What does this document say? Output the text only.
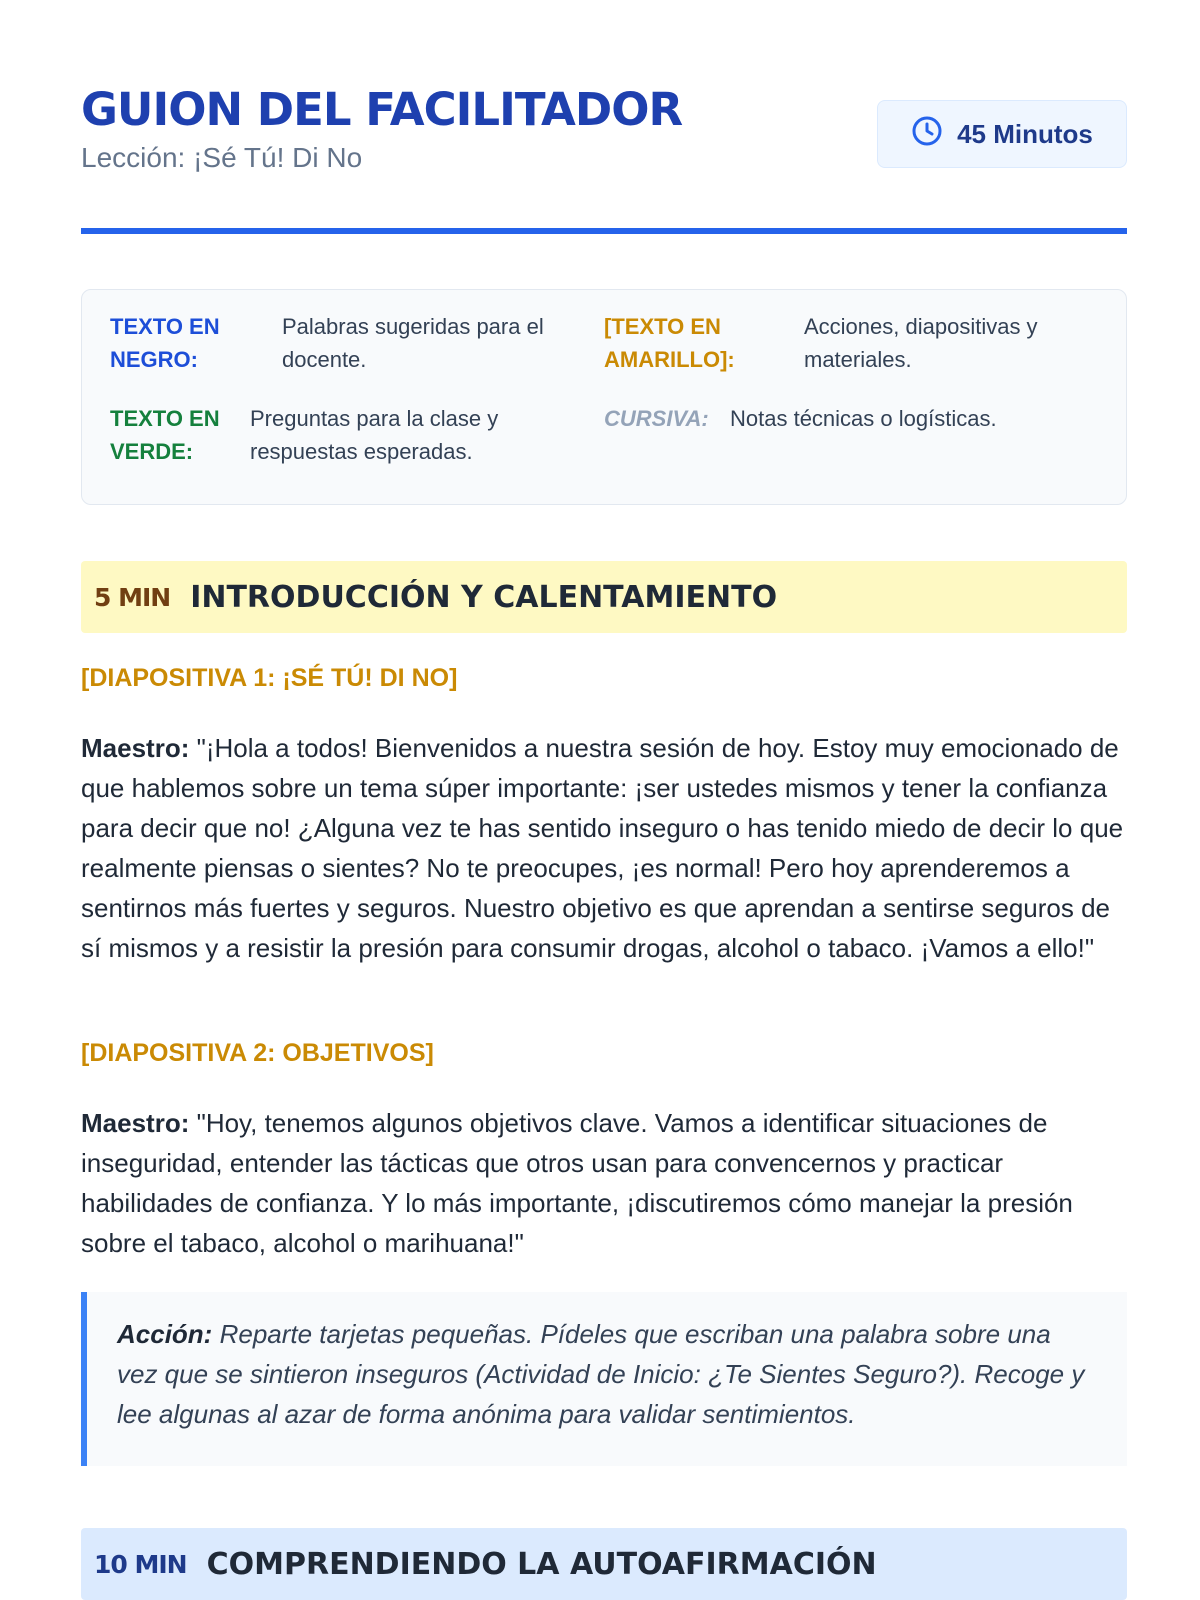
GUION DEL FACILITADOR
Lección: ¡Sé Tú! Di No
45 Minutos
TEXTO EN NEGRO:
Palabras sugeridas para el docente.
[TEXTO EN AMARILLO]:
Acciones, diapositivas y materiales.
TEXTO EN VERDE:
Preguntas para la clase y respuestas esperadas.
CURSIVA: Notas técnicas o logísticas.
5 MIN INTRODUCCIÓN Y CALENTAMIENTO
[DIAPOSITIVA 1: ¡SÉ TÚ! DI NO]

Maestro: "¡Hola a todos! Bienvenidos a nuestra sesión de hoy. Estoy muy emocionado de que hablemos sobre un tema súper importante: ¡ser ustedes mismos y tener la confianza para decir que no! ¿Alguna vez te has sentido inseguro o has tenido miedo de decir lo que realmente piensas o sientes? No te preocupes, ¡es normal! Pero hoy aprenderemos a sentirnos más fuertes y seguros. Nuestro objetivo es que aprendan a sentirse seguros de sí mismos y a resistir la presión para consumir drogas, alcohol o tabaco. ¡Vamos a ello!"

[DIAPOSITIVA 2: OBJETIVOS]

Maestro: "Hoy, tenemos algunos objetivos clave. Vamos a identificar situaciones de inseguridad, entender las tácticas que otros usan para convencernos y practicar habilidades de confianza. Y lo más importante, ¡discutiremos cómo manejar la presión sobre el tabaco, alcohol o marihuana!"

Acción: Reparte tarjetas pequeñas. Pídeles que escriban una palabra sobre una vez que se sintieron inseguros (Actividad de Inicio: ¿Te Sientes Seguro?). Recoge y lee algunas al azar de forma anónima para validar sentimientos.
10 MIN COMPRENDIENDO LA AUTOAFIRMACIÓN
